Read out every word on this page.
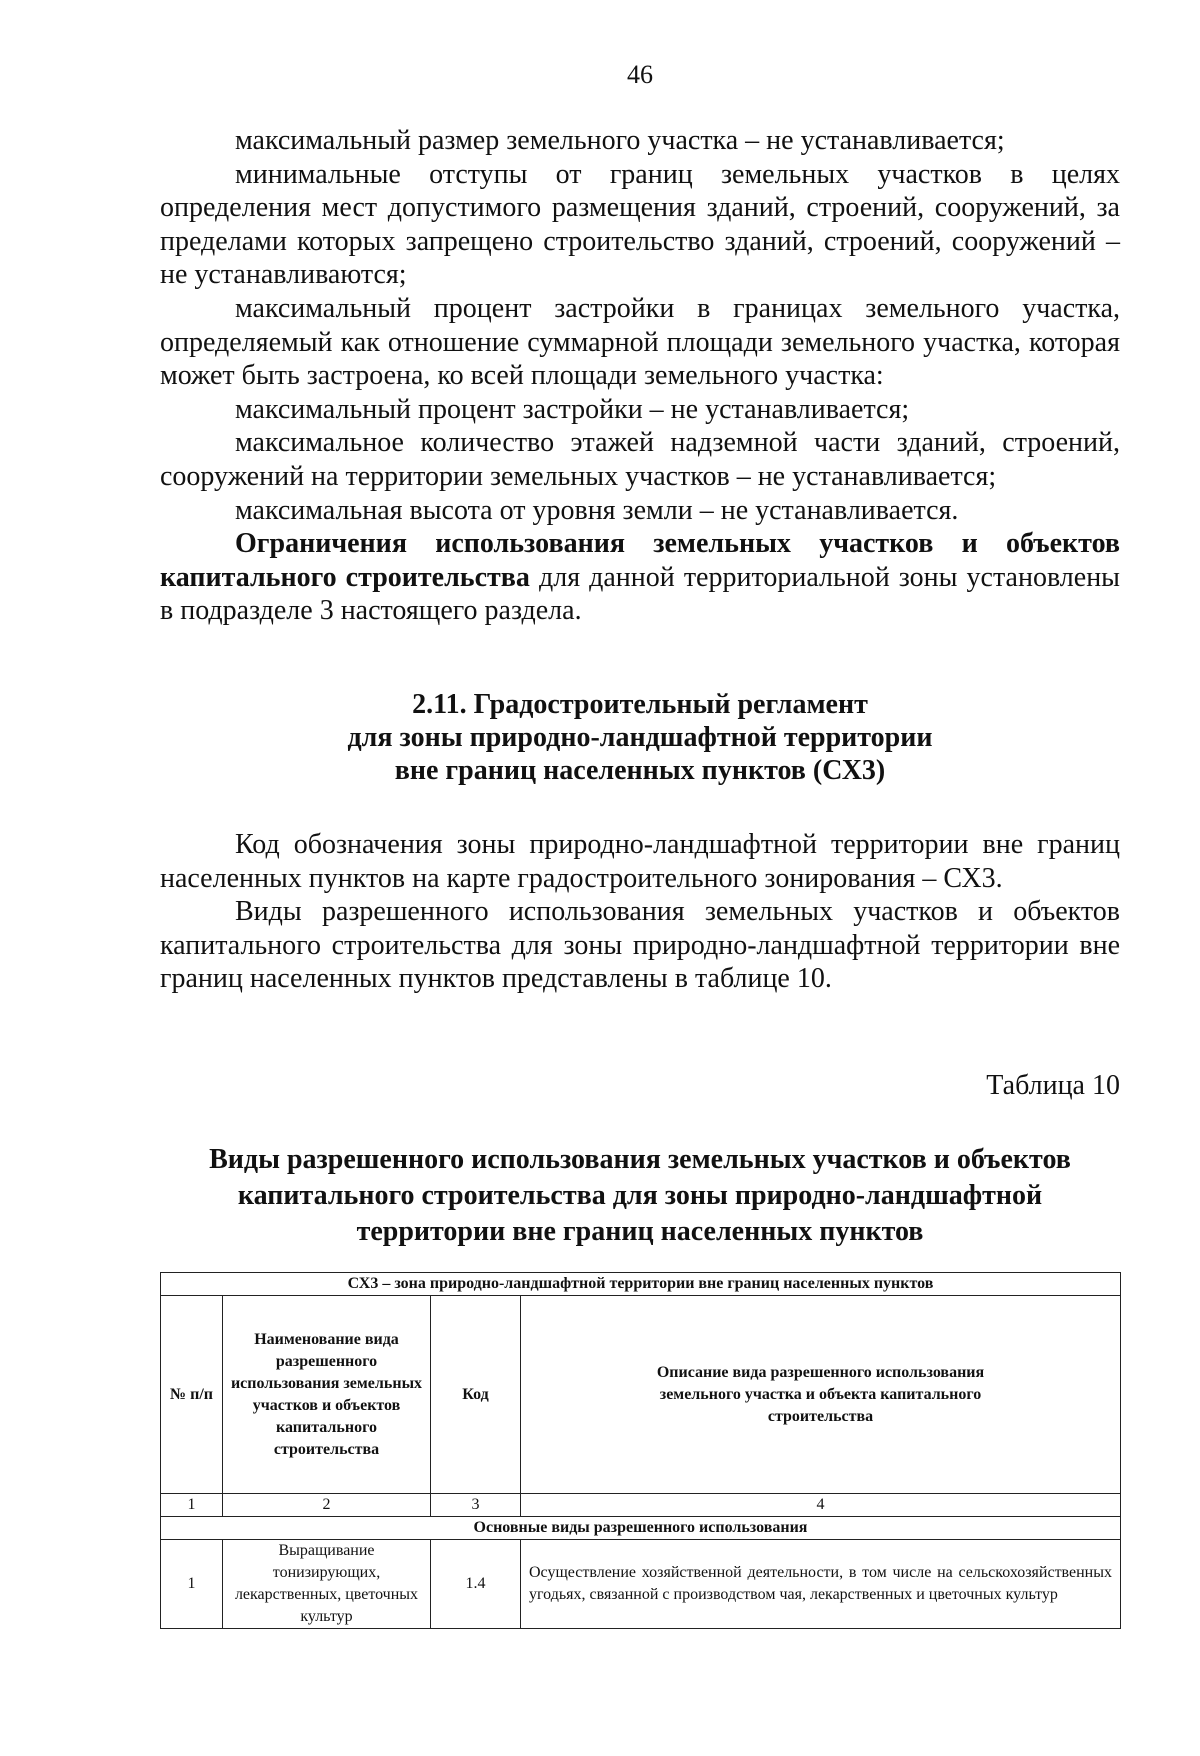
46

максимальный размер земельного участка – не устанавливается;

минимальные отступы от границ земельных участков в целях определения мест допустимого размещения зданий, строений, сооружений, за пределами которых запрещено строительство зданий, строений, сооружений – не устанавливаются;

максимальный процент застройки в границах земельного участка, определяемый как отношение суммарной площади земельного участка, которая может быть застроена, ко всей площади земельного участка:

максимальный процент застройки – не устанавливается;

максимальное количество этажей надземной части зданий, строений, сооружений на территории земельных участков – не устанавливается;

максимальная высота от уровня земли – не устанавливается.

Ограничения использования земельных участков и объектов капитального строительства для данной территориальной зоны установлены в подразделе 3 настоящего раздела.

2.11. Градостроительный регламент
для зоны природно-ландшафтной территории
вне границ населенных пунктов (СХ3)

Код обозначения зоны природно-ландшафтной территории вне границ населенных пунктов на карте градостроительного зонирования – СХ3.

Виды разрешенного использования земельных участков и объектов капитального строительства для зоны природно-ландшафтной территории вне границ населенных пунктов представлены в таблице 10.

Таблица 10
Виды разрешенного использования земельных участков и объектов
капитального строительства для зоны природно-ландшафтной
территории вне границ населенных пунктов
СХ3 – зона природно-ландшафтной территории вне границ населенных пунктов			
№ п/п	Наименование вида разрешенного использования земельных участков и объектов капитального строительства	Код	Описание вида разрешенного использования земельного участка и объекта капитального строительства
1	2	3	4
Основные виды разрешенного использования			
1	Выращивание тонизирующих, лекарственных, цветочных культур	1.4	Осуществление хозяйственной деятельности, в том числе на сельскохозяйственных угодьях, связанной с производством чая, лекарственных и цветочных культур
